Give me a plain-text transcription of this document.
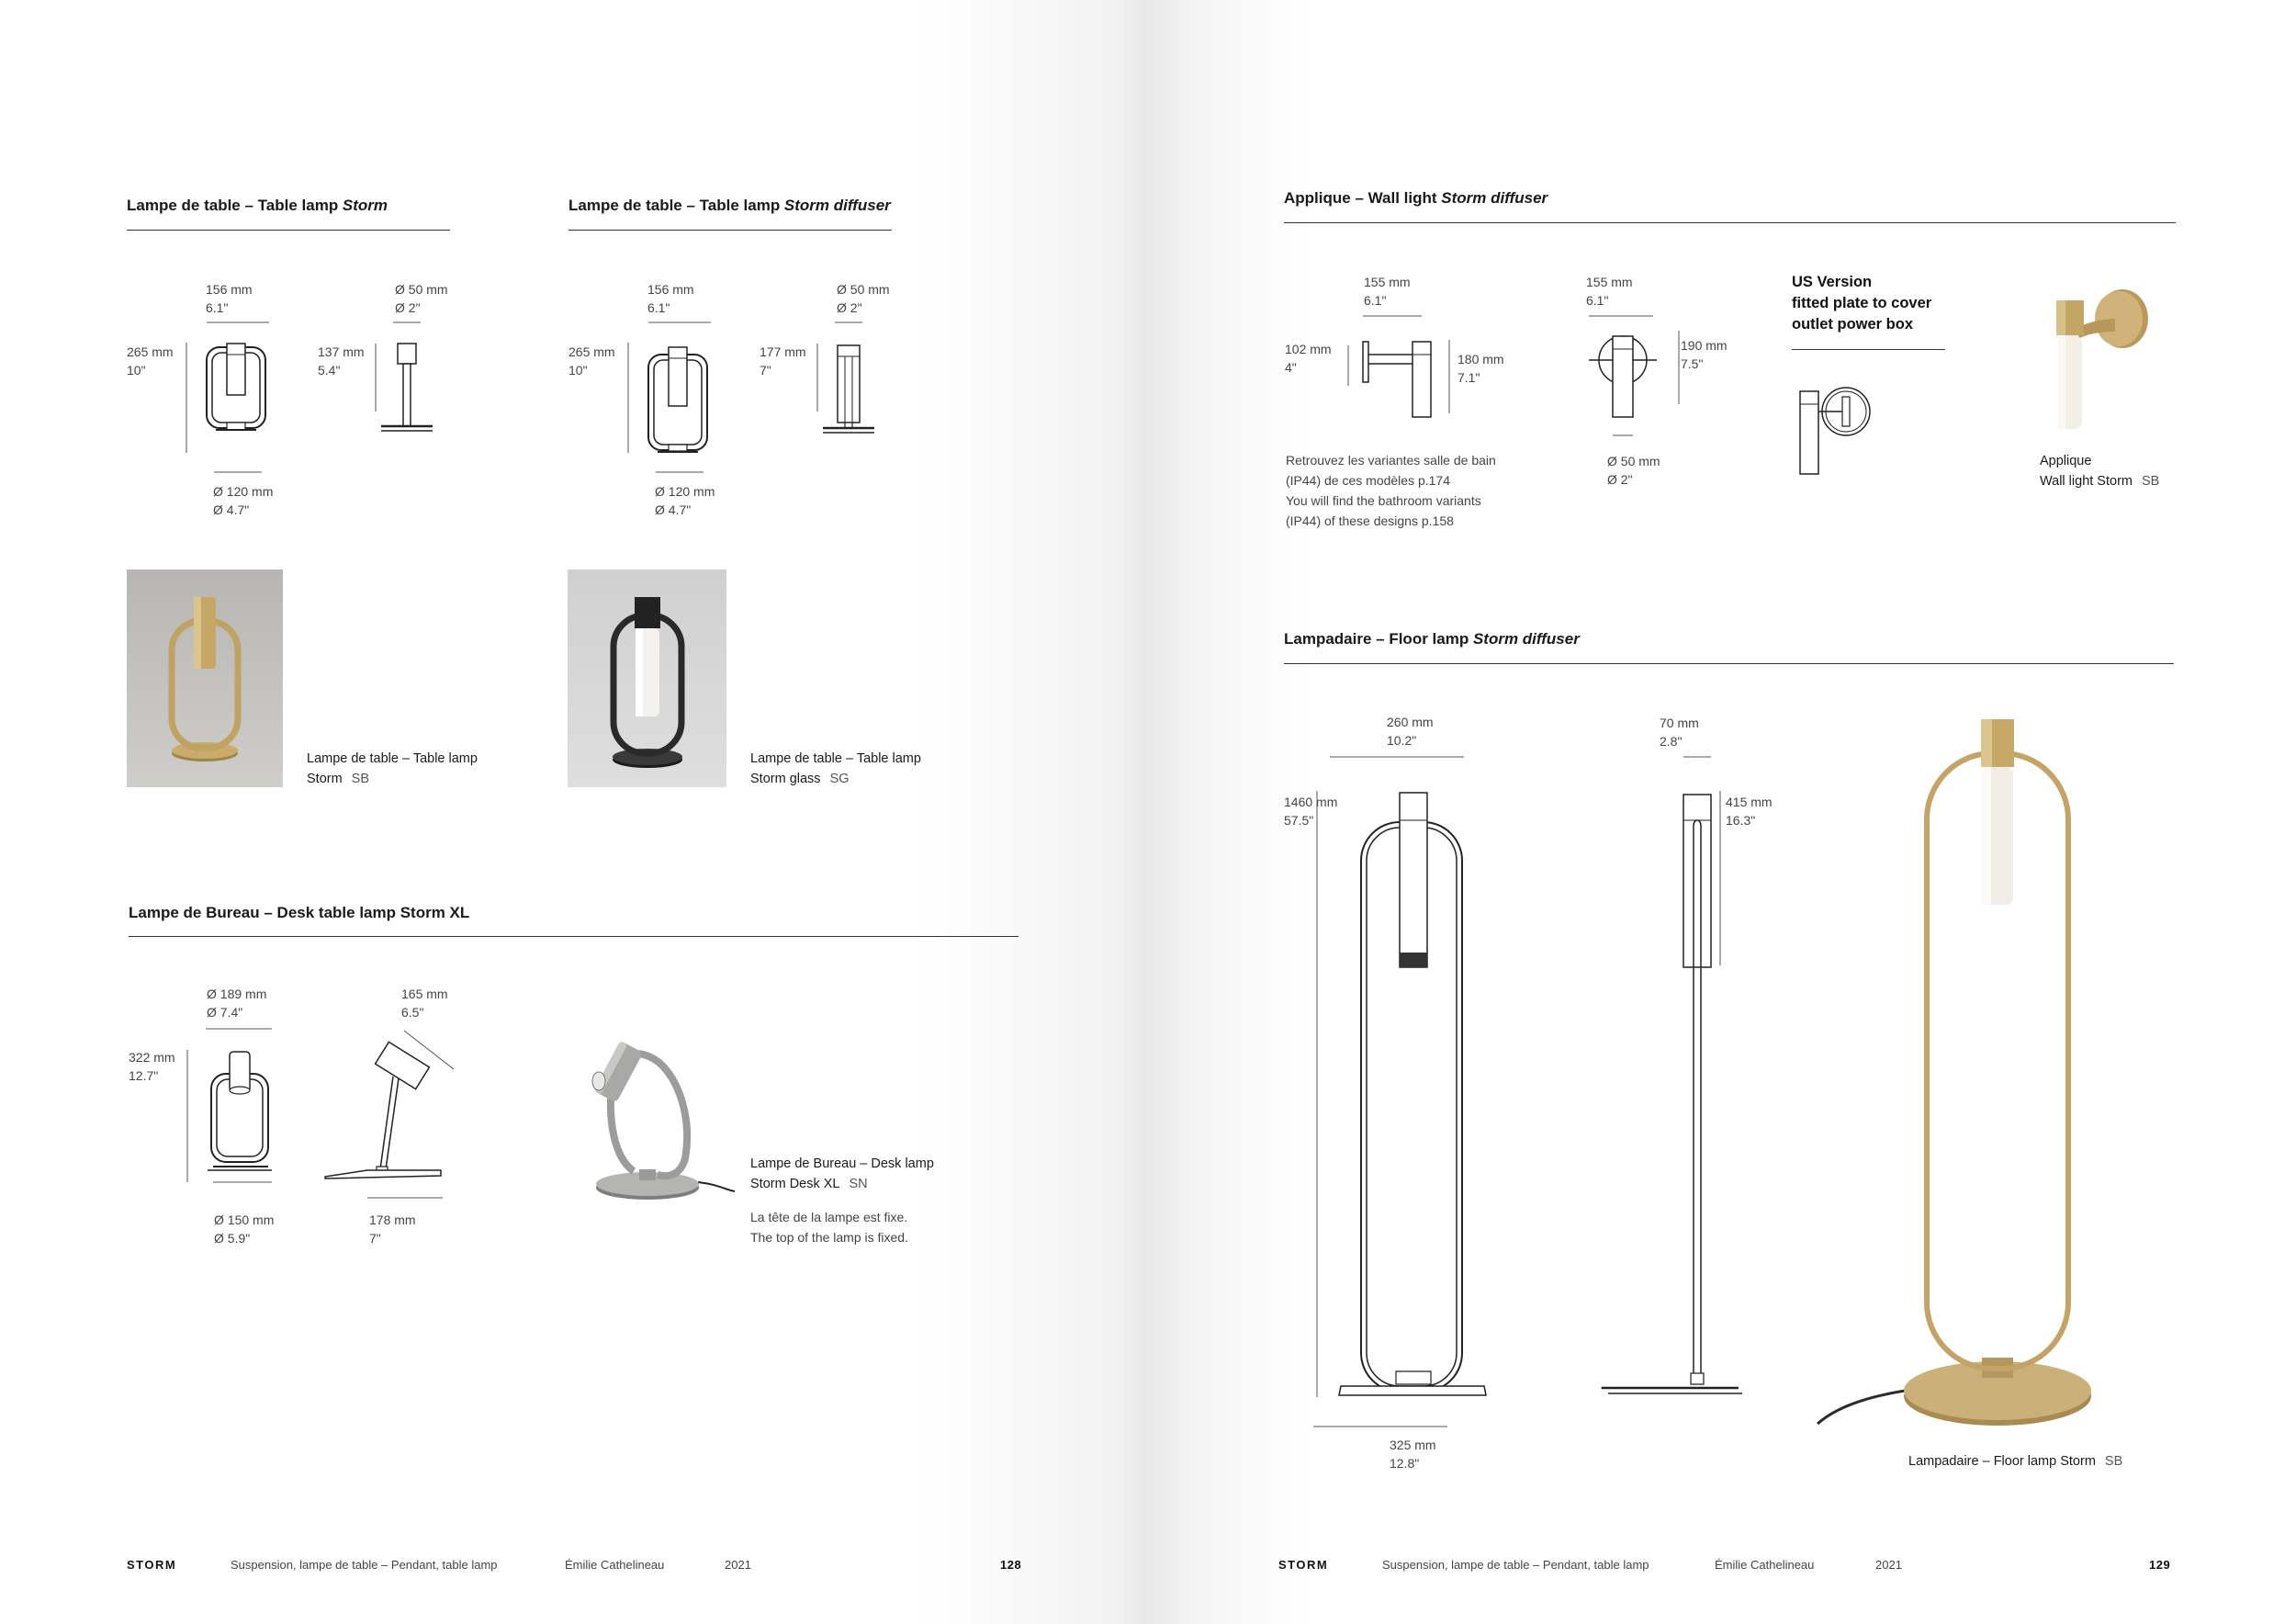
Lampe de table – Table lamp Storm
156 mm
6.1"
265 mm
10"
Ø 50 mm
Ø 2"
137 mm
5.4"
Ø 120 mm
Ø 4.7"
Lampe de table – Table lamp
Storm SB
Lampe de table – Table lamp Storm diffuser
156 mm
6.1"
265 mm
10"
Ø 50 mm
Ø 2"
177 mm
7"
Ø 120 mm
Ø 4.7"
Lampe de table – Table lamp
Storm glass SG
Lampe de Bureau – Desk table lamp Storm XL
Ø 189 mm
Ø 7.4"
322 mm
12.7"
165 mm
6.5"
Ø 150 mm
Ø 5.9"
178 mm
7"
Lampe de Bureau – Desk lamp
Storm Desk XL SN
La tête de la lampe est fixe.
The top of the lamp is fixed.
STORM	Suspension, lampe de table – Pendant, table lamp	Émilie Cathelineau	2021	128
Applique – Wall light Storm diffuser
155 mm
6.1"
102 mm
4"
180 mm
7.1"
155 mm
6.1"
190 mm
7.5"
Ø 50 mm
Ø 2"
Retrouvez les variantes salle de bain
(IP44) de ces modèles p.174
You will find the bathroom variants
(IP44) of these designs p.158
US Version
fitted plate to cover
outlet power box
Applique
Wall light Storm SB
Lampadaire – Floor lamp Storm diffuser
260 mm
10.2"
1460 mm
57.5"
70 mm
2.8"
415 mm
16.3"
325 mm
12.8"	Lampadaire – Floor lamp Storm SB
STORM	Suspension, lampe de table – Pendant, table lamp	Émilie Cathelineau	2021	129
